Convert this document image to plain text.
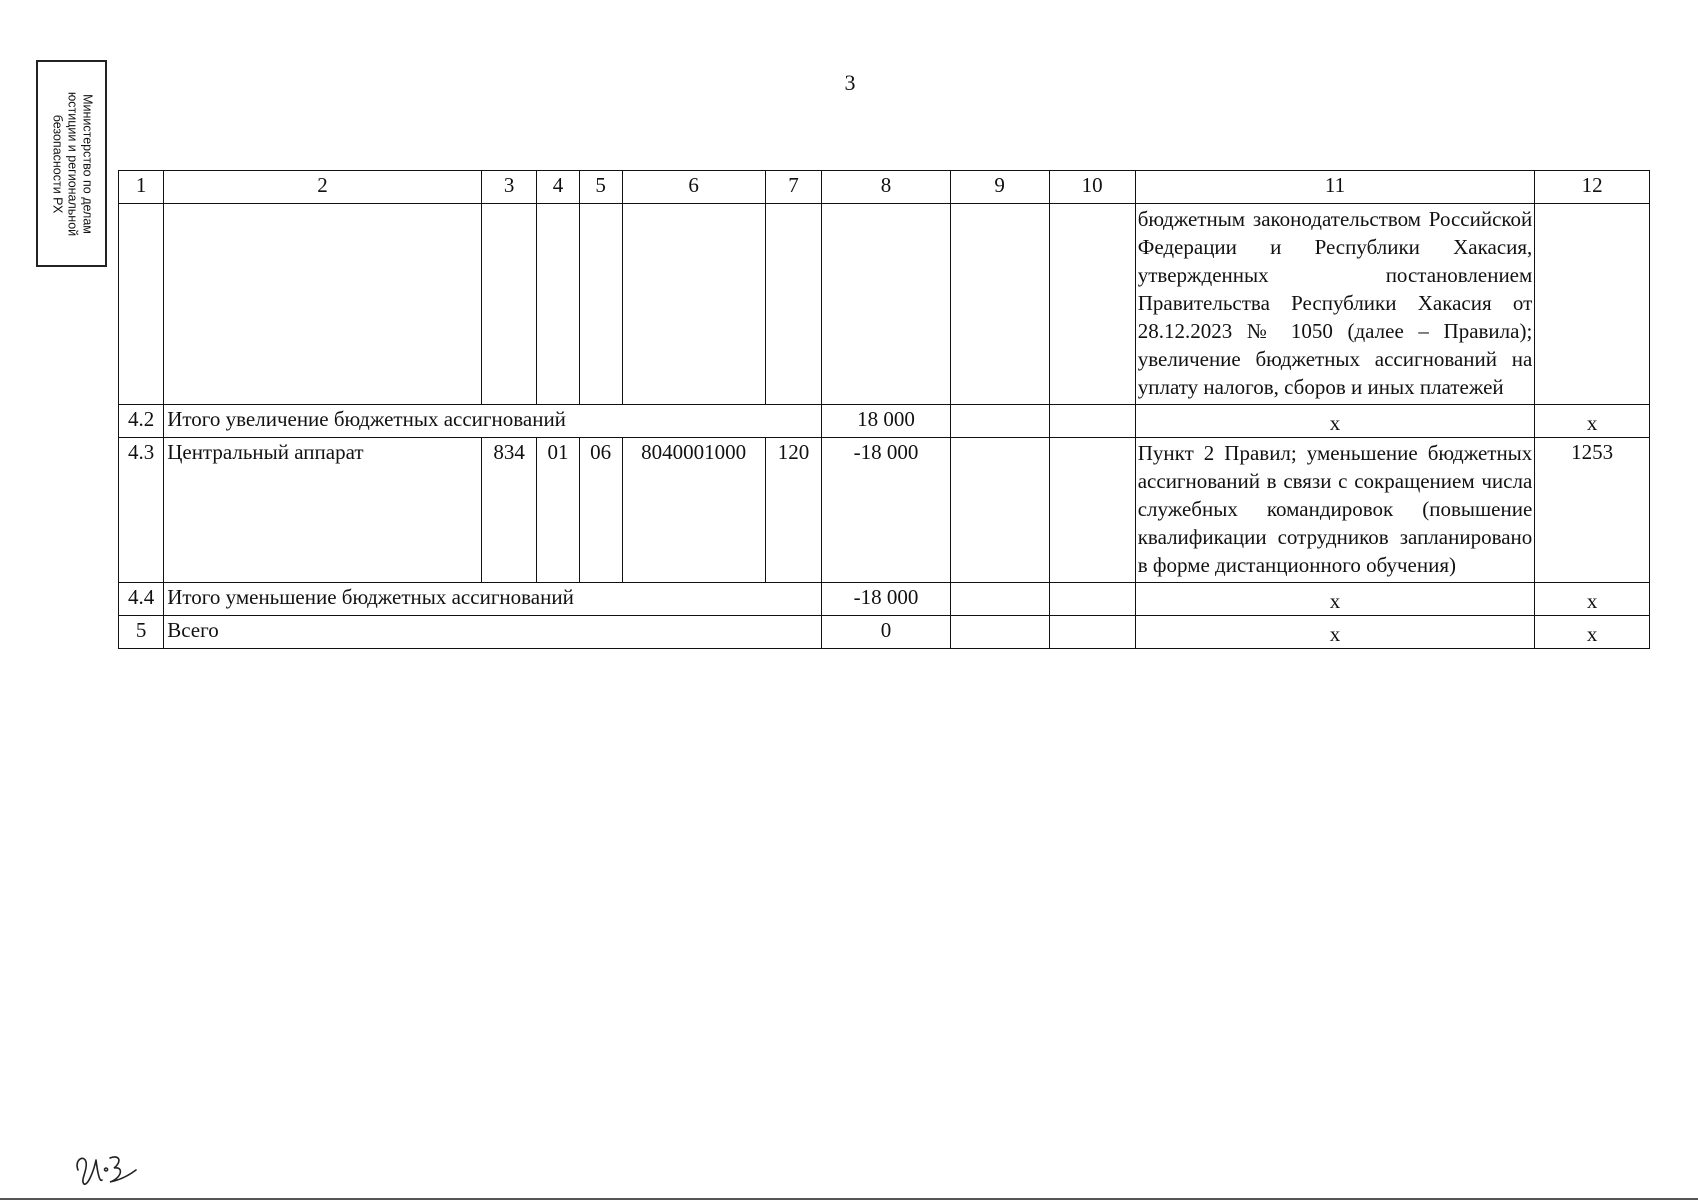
3
Министерство по делам
юстиции и региональной
безопасности РХ	1	2	3	4	5	6	7	8	9	10	11	12
										бюджетным законодательством Российской Федерации и Республики Хакасия, утвержденных постановлением Правительства Республики Хакасия от 28.12.2023 № 1050 (далее – Правила); увеличение бюджетных ассигнований на уплату налогов, сборов и иных платежей	
4.2	Итого увеличение бюджетных ассигнований						18 000			х	х
4.3	Центральный аппарат	834	01	06	8040001000	120	-18 000			Пункт 2 Правил; уменьшение бюджетных ассигнований в связи с сокращением числа служебных командировок (повышение квалификации сотрудников запланировано в форме дистанционного обучения)	1253
4.4	Итого уменьшение бюджетных ассигнований						-18 000			х	х
5	Всего						0			х	х
